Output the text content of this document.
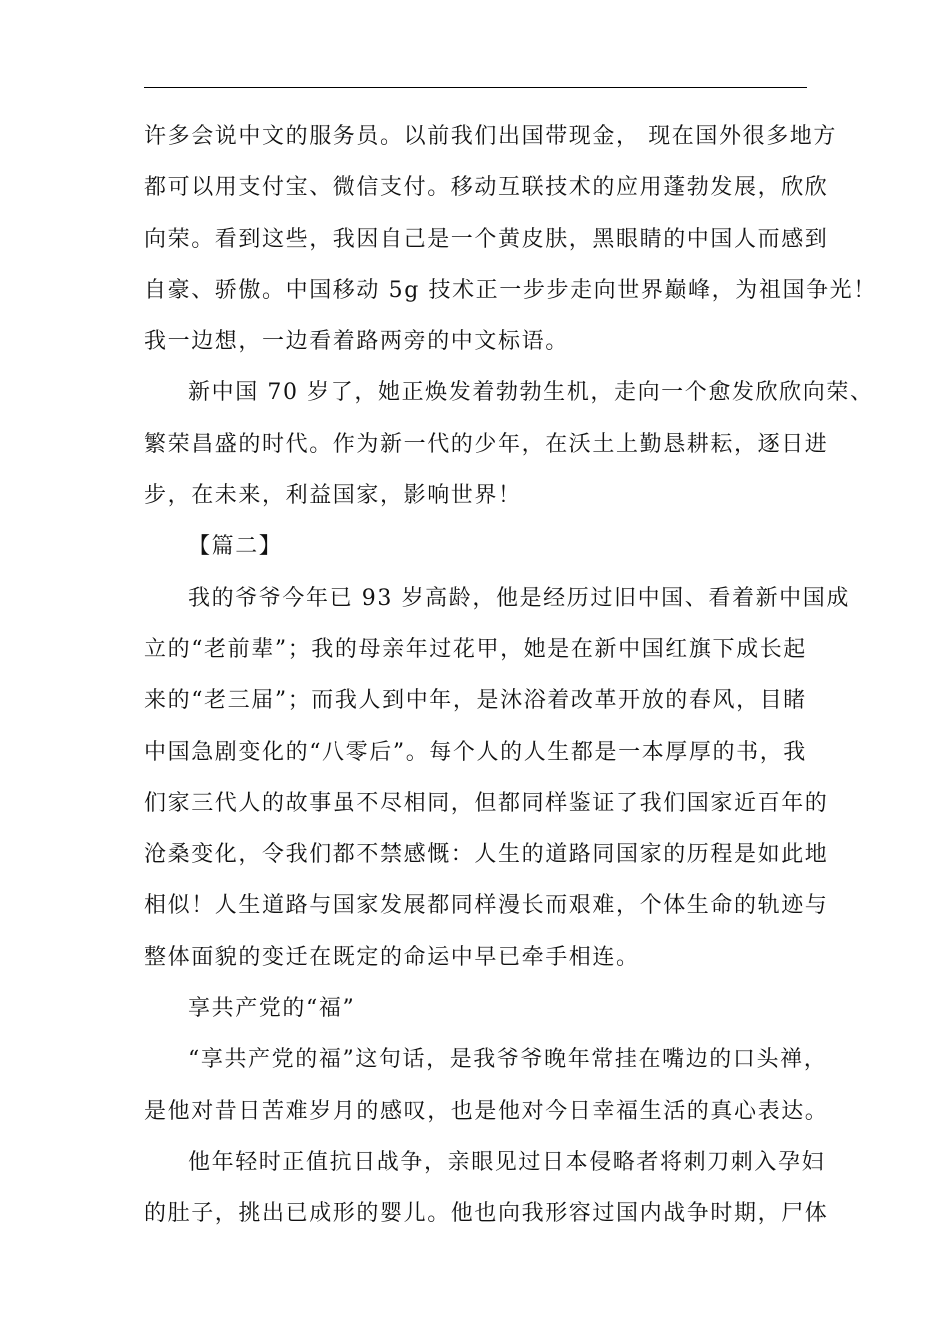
许多会说中文的服务员。以前我们出国带现金， 现在国外很多地方
都可以用支付宝、微信支付。移动互联技术的应用蓬勃发展，欣欣
向荣。看到这些，我因自己是一个黄皮肤，黑眼睛的中国人而感到
自豪、骄傲。中国移动 5g 技术正一步步走向世界巅峰，为祖国争光！
我一边想，一边看着路两旁的中文标语。
新中国 70 岁了，她正焕发着勃勃生机，走向一个愈发欣欣向荣、
繁荣昌盛的时代。作为新一代的少年，在沃土上勤恳耕耘，逐日进
步，在未来，利益国家，影响世界！
【篇二】
我的爷爷今年已 93 岁高龄，他是经历过旧中国、看着新中国成
立的“老前辈”；我的母亲年过花甲，她是在新中国红旗下成长起
来的“老三届”；而我人到中年，是沐浴着改革开放的春风，目睹
中国急剧变化的“八零后”。每个人的人生都是一本厚厚的书，我
们家三代人的故事虽不尽相同，但都同样鉴证了我们国家近百年的
沧桑变化，令我们都不禁感慨：人生的道路同国家的历程是如此地
相似！人生道路与国家发展都同样漫长而艰难，个体生命的轨迹与
整体面貌的变迁在既定的命运中早已牵手相连。
享共产党的“福”
“享共产党的福”这句话，是我爷爷晚年常挂在嘴边的口头禅，
是他对昔日苦难岁月的感叹，也是他对今日幸福生活的真心表达。
他年轻时正值抗日战争，亲眼见过日本侵略者将刺刀刺入孕妇
的肚子，挑出已成形的婴儿。他也向我形容过国内战争时期，尸体
